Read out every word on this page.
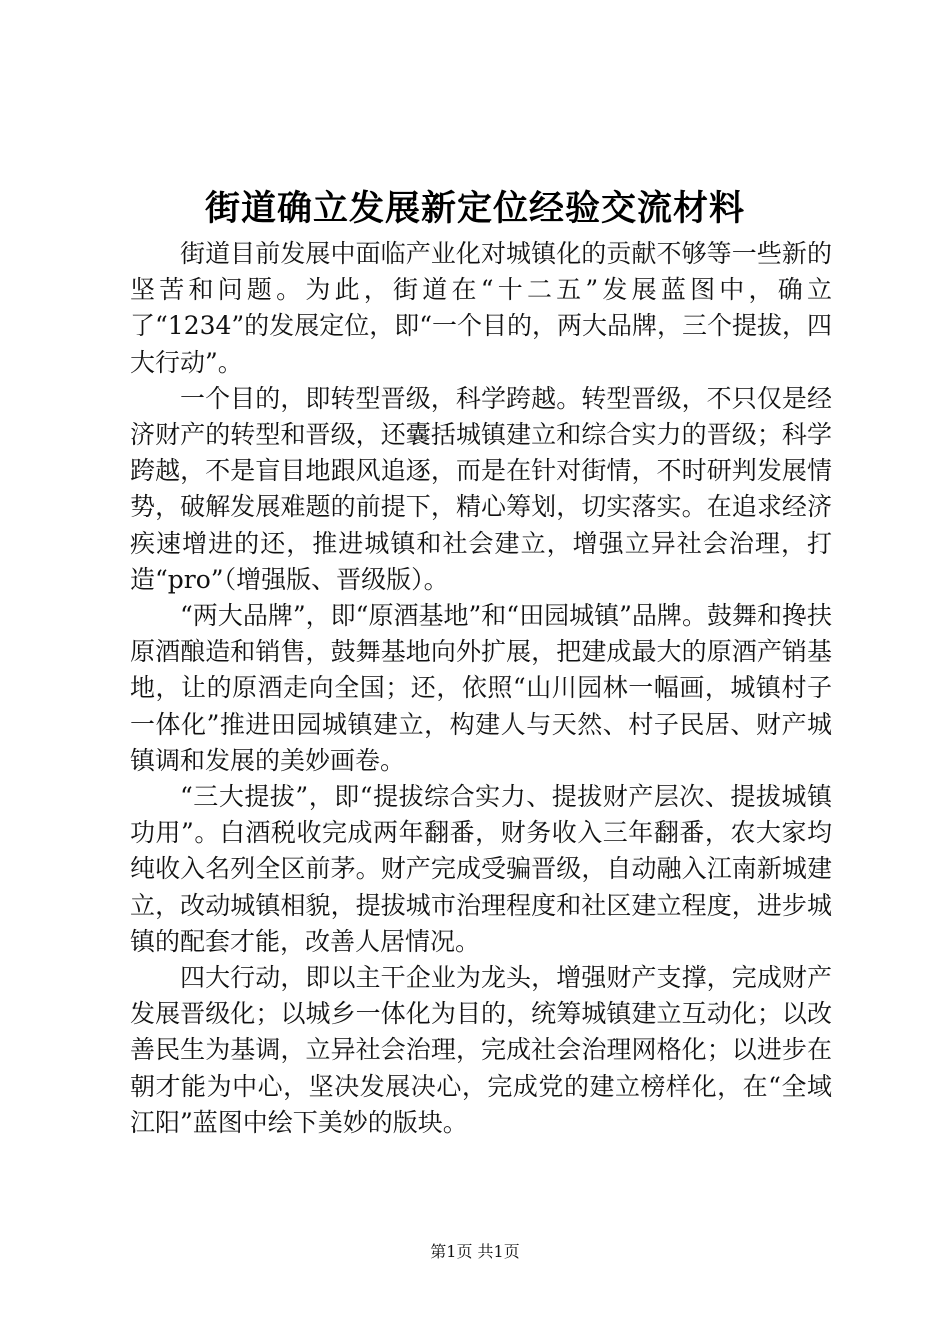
街道确立发展新定位经验交流材料

街道目前发展中面临产业化对城镇化的贡献不够等一些新的坚苦和问题。为此，街道在“十二五”发展蓝图中，确立了“1234”的发展定位，即“一个目的，两大品牌，三个提拔，四大行动”。

一个目的，即转型晋级，科学跨越。转型晋级，不只仅是经济财产的转型和晋级，还囊括城镇建立和综合实力的晋级；科学跨越，不是盲目地跟风追逐，而是在针对街情，不时研判发展情势，破解发展难题的前提下，精心筹划，切实落实。在追求经济疾速增进的还，推进城镇和社会建立，增强立异社会治理，打造“pro”（增强版、晋级版）。

“两大品牌”，即“原酒基地”和“田园城镇”品牌。鼓舞和搀扶原酒酿造和销售，鼓舞基地向外扩展，把建成最大的原酒产销基地，让的原酒走向全国；还，依照“山川园林一幅画，城镇村子一体化”推进田园城镇建立，构建人与天然、村子民居、财产城镇调和发展的美妙画卷。

“三大提拔”，即“提拔综合实力、提拔财产层次、提拔城镇功用”。白酒税收完成两年翻番，财务收入三年翻番，农大家均纯收入名列全区前茅。财产完成受骗晋级，自动融入江南新城建立，改动城镇相貌，提拔城市治理程度和社区建立程度，进步城镇的配套才能，改善人居情况。

四大行动，即以主干企业为龙头，增强财产支撑，完成财产发展晋级化；以城乡一体化为目的，统筹城镇建立互动化；以改善民生为基调，立异社会治理，完成社会治理网格化；以进步在朝才能为中心，坚决发展决心，完成党的建立榜样化，在“全域江阳”蓝图中绘下美妙的版块。

第1页 共1页
